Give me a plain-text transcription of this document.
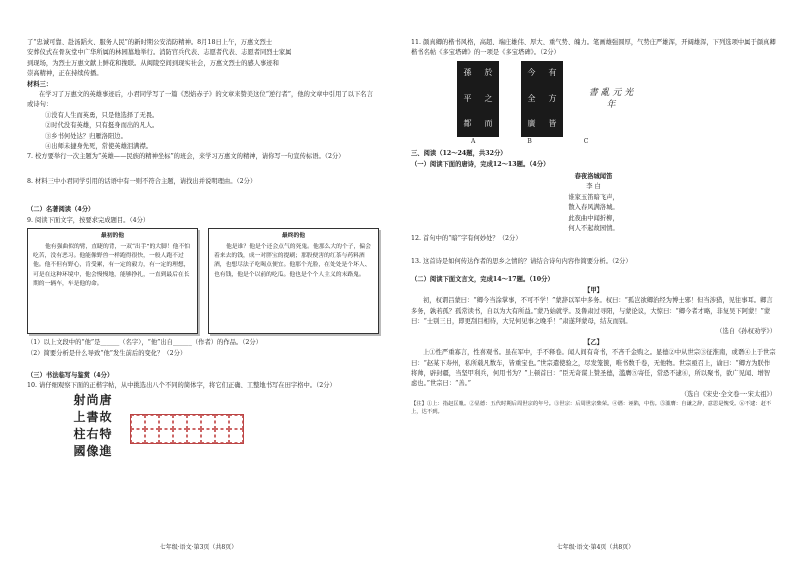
了“忠诚可靠、赴汤蹈火、服务人民”的新时期公安消防精神。8月18日上午，万惠文烈士

安葬仪式在骨灰堂中广华所属的林园墓地举行。消防官兵代表、志愿者代表、志愿者同烈士家属

到现场，为烈士万惠文献上鲜花和挽联。从闽陵空间到现实社会，万惠文烈士的感人事迹和

崇高精神，正在持续传播。

材料三：

在学习了万惠文的英雄事迹后，小君同学写了一篇《烈焰赤子》的文章来赞美这位“逆行者”，他的文章中引用了以下名言或诗句：

①没有人生而英勇，只是他选择了无畏。

②时代没有英雄，只有挺身而出的凡人。

③乡书何处达？归雁洛阳边。

④出师未捷身先死，常使英雄泪满襟。

7. 校方要举行一次主题为“英雄——民族的精神坐标”的班会，来学习万惠文的精神，请你写一句宣传标语。（2分）

8. 材料三中小君同学引用的话语中有一则不符合主题，请找出并说明理由。（2分）

（二）名著阅读（4分）

9. 阅读下面文字，按要求完成题目。（4分）

最初的他
他有强曲似的臂，直睫的背，一双“出手”的大脚！他不怕吃苦，没有恶习。他能像野兽一样跑得很快，一般人跑不过他。他不但有野心，肯受累，有一定的毅力，有一定的理想，可是在这种环境中，他会慢慢地，能够挣扎，一直到最后在长期的一辆车，车是他的命。
最终的他
他是谁？他是个还会点气的死鬼。他那么大的个子，偏会着来去的钱，成一对胖宝的提刷；那股便害的红茶与药料酒酒，也想尽法子吃喝点便宜。他那个光脸，在处处是个坏人、也有钱，他是个以前的吃瓜。他也是个个人主义的末路鬼。

（1）以上文段中的“他”是______（名字），“他”出自______（作者）的作品。（2分）

（2）简要分析是什么导致“他”发生前后的变化？（2分）

（三）书法临写与鉴赏（4分）

10. 请仔细观察下面的正楷字帖，从中挑选出八个不同的简体字，将它们正确、工整地书写在田字格中。（2分）

射 尚 唐
上 書 故
柱 右 特
國 像 進
七年级·语文·第3页（共8页）

11. 颜真卿的楷书风格，高超、端庄雄伟、厚大、重气势、魄力。笔画雄强圆厚，气势庄严雄浑，开阔雄浑，下列选项中属于颜真卿楷书名帖《多宝塔碑》的一项是《多宝塔碑》。（2分）

孫	於
平	之
都	而
今	有
全	方
廣	皆
書 亂 元 光 年
A	B	C

三、阅读（12～24题，共32分）

（一）阅读下面的唐诗，完成12～13题。（4分）

春夜洛城闻笛

李 白

谁家玉笛暗飞声，

散入春风满洛城。

此夜曲中闻折柳，

何人不起故园情。

12. 首句中的“暗”字有何妙处？（2分）

13. 这首诗是如何传达作者的思乡之情的？请结合诗句内容作简要分析。（2分）

（二）阅读下面文言文，完成14～17题。（10分）

【甲】

初，权谓吕蒙曰：“卿今当涂掌事，不可不学！”蒙辞以军中多务。权曰：“孤岂欲卿治经为博士邪！但当涉猎，见往事耳。卿言多务，孰若孤？孤常读书，自以为大有所益。”蒙乃始就学。及鲁肃过寻阳，与蒙论议，大惊曰：“卿今者才略，非复吴下阿蒙！”蒙曰：“士别三日，即更刮目相待，大兄何见事之晚乎！”肃遂拜蒙母，结友而别。

（选自《孙权劝学》）

【乙】

上①性严重寡言，性喜观书。虽在军中，手不释卷。闻人间有奇书，不吝千金购之。显德②中从世宗③征淮南，或谮④上于世宗曰：“赵某下寿州，私所载凡数车，皆重宝也。”世宗遣使验之，尽发笼箧，唯书数千卷，无他物。世宗亟召上，谕曰：“卿方为朕作将帅，辟封疆，当坚甲利兵，何用书为？”上顿首曰：“臣无奇谋上赞圣德，滥膺⑤寄任，常恐不逮⑥，所以聚书，欲广见闻、增智虑也。”世宗曰：“善。”

（选自《宋史·全文卷一·宋太祖》）

【注】①上：指赵匡胤。②显德：五代时期后周世宗的年号。③世宗：后周世宗柴荣。④谮：诬陷，中伤。⑤滥膺：自谦之辞，意思是愧受。⑥不逮：赶不上，达不到。

七年级·语文·第4页（共8页）
